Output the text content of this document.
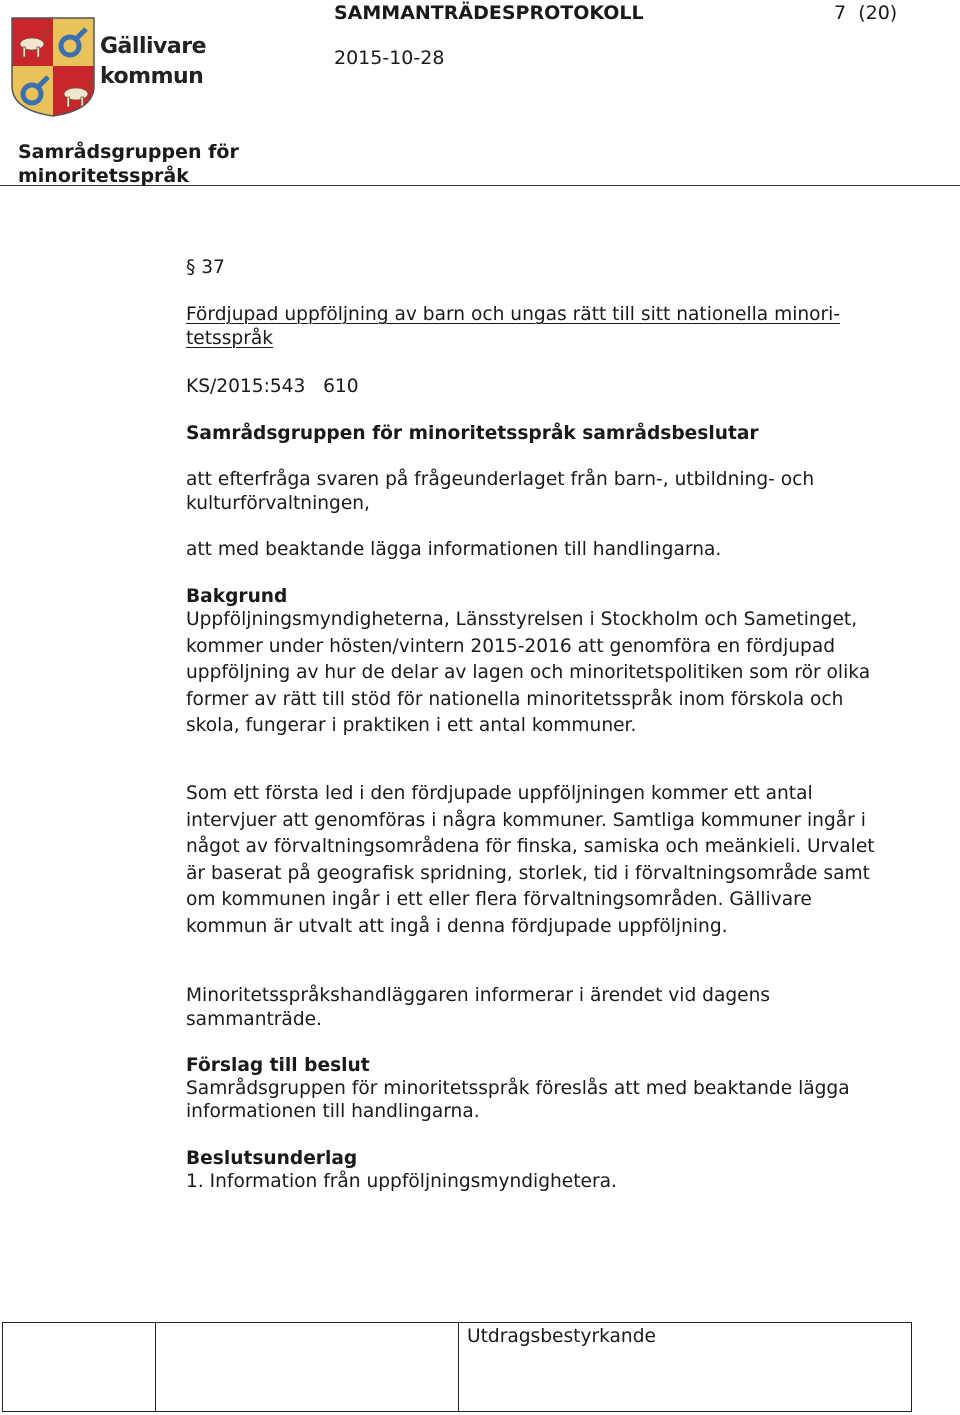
Gällivare
kommun
SAMMANTRÄDESPROTOKOLL	7 (20)
2015-10-28
Samrådsgruppen för
minoritetsspråk
§ 37
Fördjupad uppföljning av barn och ungas rätt till sitt nationella minori-
tetsspråk
KS/2015:543 610
Samrådsgruppen för minoritetsspråk samrådsbeslutar
att efterfråga svaren på frågeunderlaget från barn-, utbildning- och
kulturförvaltningen,
att med beaktande lägga informationen till handlingarna.
Bakgrund
Uppföljningsmyndigheterna, Länsstyrelsen i Stockholm och Sametinget,
kommer under hösten/vintern 2015-2016 att genomföra en fördjupad
uppföljning av hur de delar av lagen och minoritetspolitiken som rör olika
former av rätt till stöd för nationella minoritetsspråk inom förskola och
skola, fungerar i praktiken i ett antal kommuner.
Som ett första led i den fördjupade uppföljningen kommer ett antal
intervjuer att genomföras i några kommuner. Samtliga kommuner ingår i
något av förvaltningsområdena för finska, samiska och meänkieli. Urvalet
är baserat på geografisk spridning, storlek, tid i förvaltningsområde samt
om kommunen ingår i ett eller flera förvaltningsområden. Gällivare
kommun är utvalt att ingå i denna fördjupade uppföljning.
Minoritetsspråkshandläggaren informerar i ärendet vid dagens
sammanträde.
Förslag till beslut
Samrådsgruppen för minoritetsspråk föreslås att med beaktande lägga
informationen till handlingarna.
Beslutsunderlag
1. Information från uppföljningsmyndighetera.
		Utdragsbestyrkande
